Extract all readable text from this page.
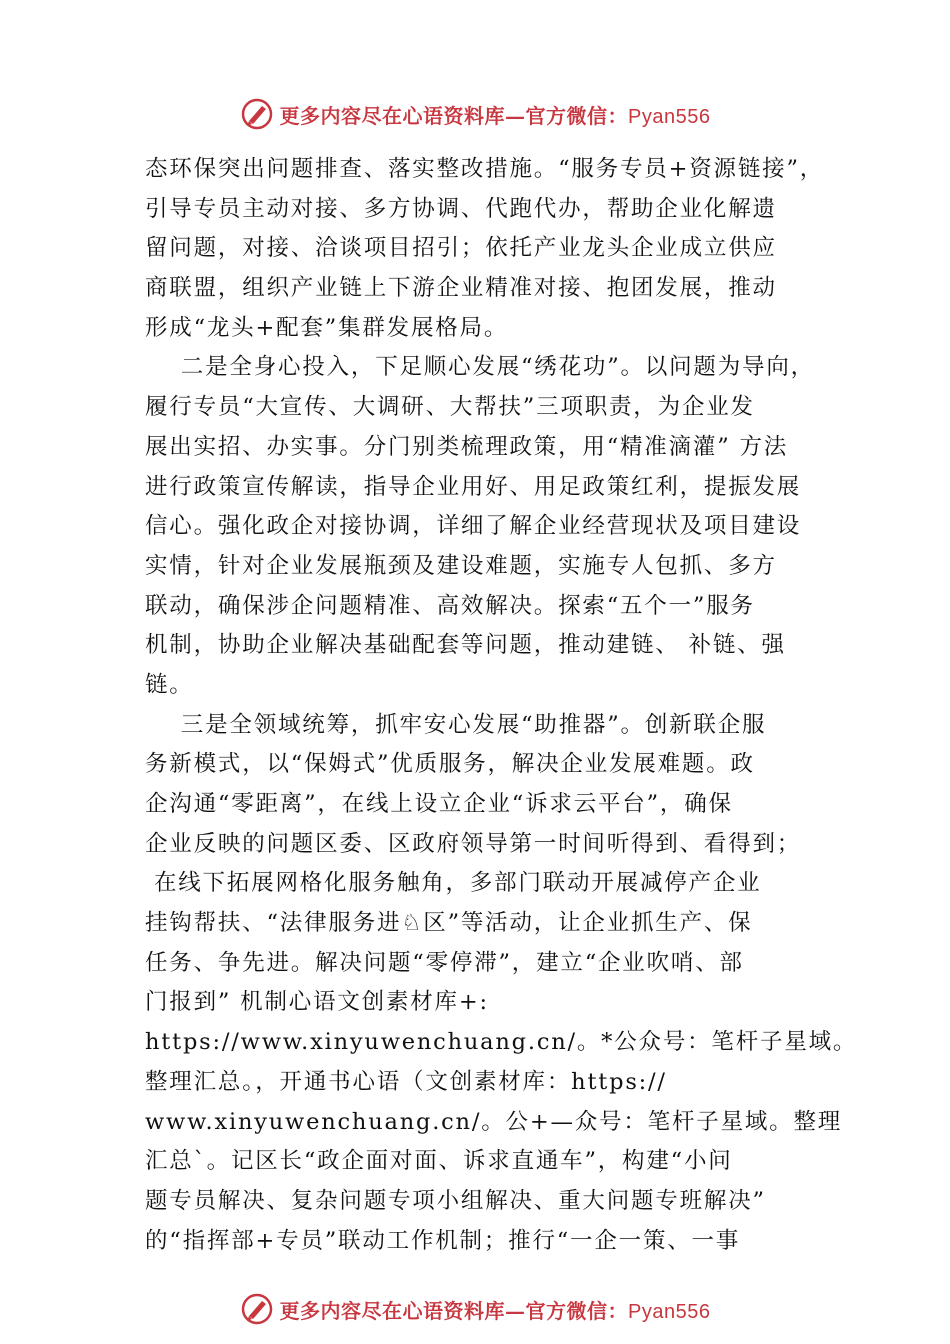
更多内容尽在心语资料库—官方微信：Pyan556
态环保突出问题排查、落实整改措施。“服务专员+资源链接”，
引导专员主动对接、多方协调、代跑代办，帮助企业化解遗
留问题，对接、洽谈项目招引；依托产业龙头企业成立供应
商联盟，组织产业链上下游企业精准对接、抱团发展，推动
形成“龙头+配套”集群发展格局。
二是全身心投入，下足顺心发展“绣花功”。以问题为导向，
履行专员“大宣传、大调研、大帮扶”三项职责，为企业发
展出实招、办实事。分门别类梳理政策，用“精准滴灌” 方法
进行政策宣传解读，指导企业用好、用足政策红利，提振发展
信心。强化政企对接协调，详细了解企业经营现状及项目建设
实情，针对企业发展瓶颈及建设难题，实施专人包抓、多方
联动，确保涉企问题精准、高效解决。探索“五个一”服务
机制，协助企业解决基础配套等问题，推动建链、 补链、强
链。
三是全领域统筹，抓牢安心发展“助推器”。创新联企服
务新模式，以“保姆式”优质服务，解决企业发展难题。政
企沟通“零距离”，在线上设立企业“诉求云平台”，确保
企业反映的问题区委、区政府领导第一时间听得到、看得到；
在线下拓展网格化服务触角，多部门联动开展减停产企业
挂钩帮扶、“法律服务进♘区”等活动，让企业抓生产、保
任务、争先进。解决问题“零停滞”，建立“企业吹哨、部
门报到” 机制心语文创素材库+:
https://www.xinyuwenchuang.cn/。*公众号：笔杆子星域。
整理汇总。，开通书心语（文创素材库：https://
www.xinyuwenchuang.cn/。公+—众号：笔杆子星域。整理
汇总`。记区长“政企面对面、诉求直通车”，构建“小问
题专员解决、复杂问题专项小组解决、重大问题专班解决”
的“指挥部+专员”联动工作机制；推行“一企一策、一事
更多内容尽在心语资料库—官方微信：Pyan556
